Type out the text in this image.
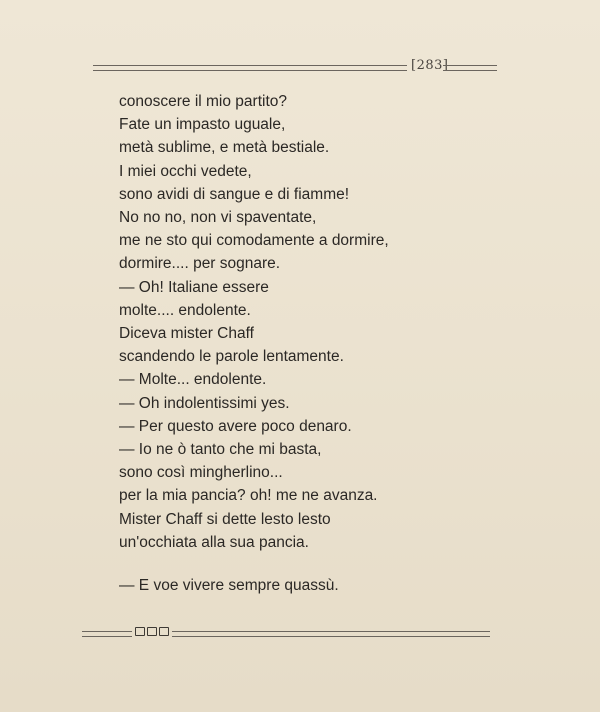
[283]
conoscere il mio partito?
Fate un impasto uguale,
metà sublime, e metà bestiale.
I miei occhi vedete,
sono avidi di sangue e di fiamme!
No no no, non vi spaventate,
me ne sto qui comodamente a dormire,
dormire.... per sognare.
— Oh! Italiane essere
molte.... endolente.
Diceva mister Chaff
scandendo le parole lentamente.
— Molte... endolente.
— Oh indolentissimi yes.
— Per questo avere poco denaro.
— Io ne ò tanto che mi basta,
sono così mingherlino...
per la mia pancia? oh! me ne avanza.
Mister Chaff si dette lesto lesto
un'occhiata alla sua pancia.
— E voe vivere sempre quassù.
